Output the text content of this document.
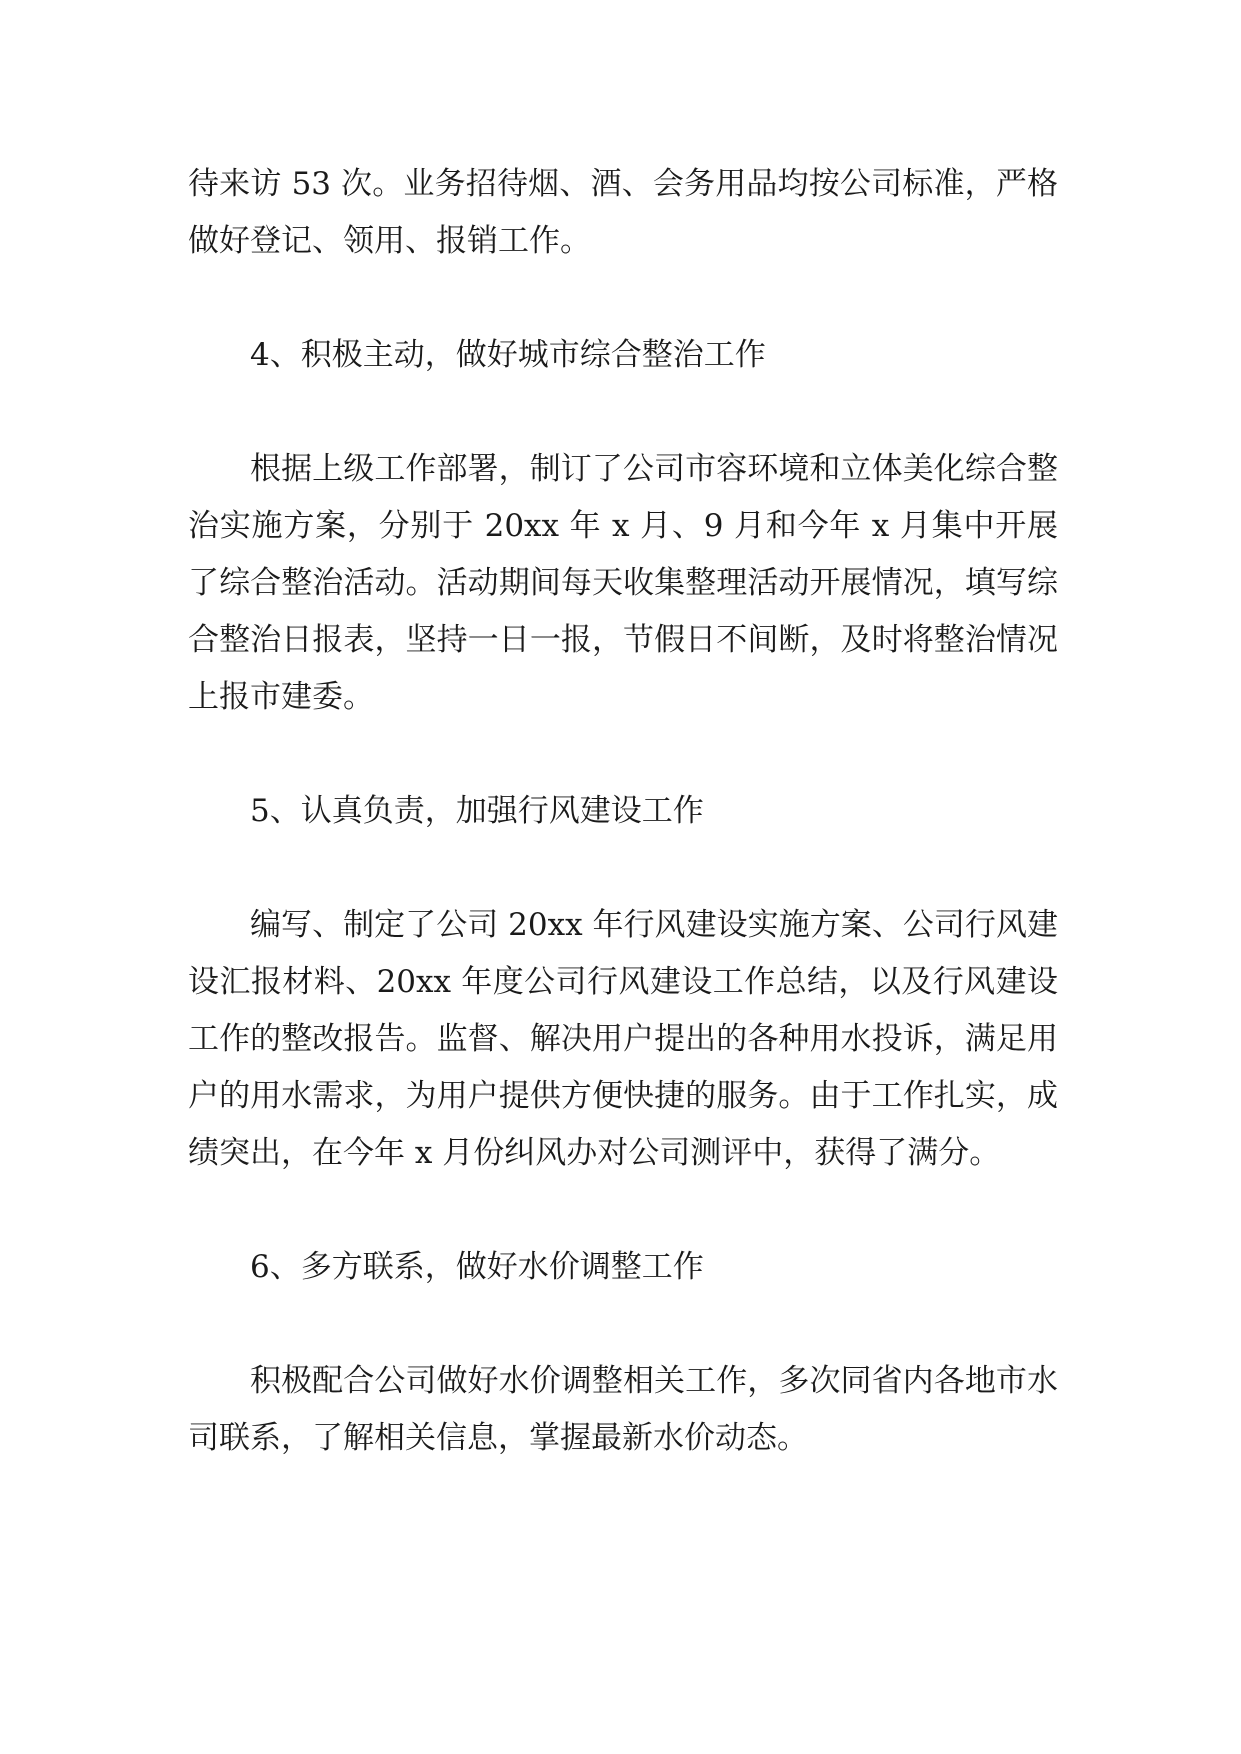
待来访 53 次。业务招待烟、酒、会务用品均按公司标准，严格做好登记、领用、报销工作。

4、积极主动，做好城市综合整治工作

根据上级工作部署，制订了公司市容环境和立体美化综合整治实施方案，分别于 20xx 年 x 月、9 月和今年 x 月集中开展了综合整治活动。活动期间每天收集整理活动开展情况，填写综合整治日报表，坚持一日一报，节假日不间断，及时将整治情况上报市建委。

5、认真负责，加强行风建设工作

编写、制定了公司 20xx 年行风建设实施方案、公司行风建设汇报材料、20xx 年度公司行风建设工作总结，以及行风建设工作的整改报告。监督、解决用户提出的各种用水投诉，满足用户的用水需求，为用户提供方便快捷的服务。由于工作扎实，成绩突出，在今年 x 月份纠风办对公司测评中，获得了满分。

6、多方联系，做好水价调整工作

积极配合公司做好水价调整相关工作，多次同省内各地市水司联系，了解相关信息，掌握最新水价动态。
